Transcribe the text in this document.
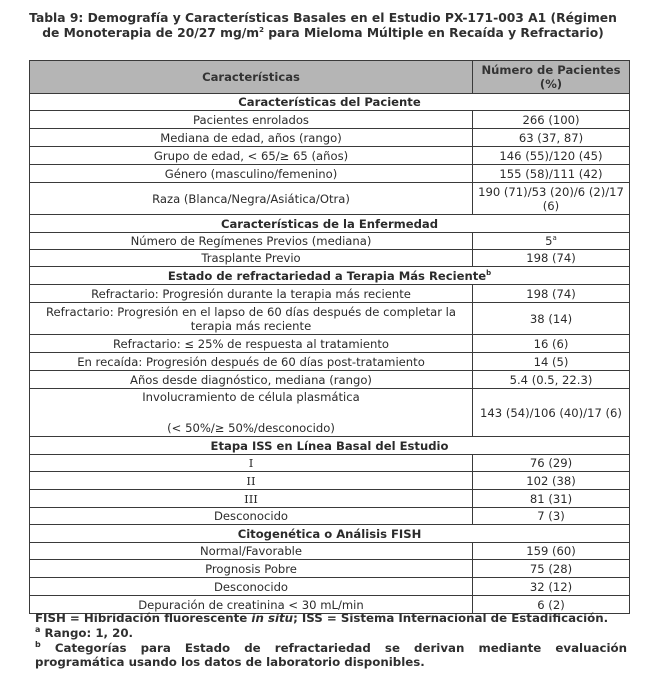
Tabla 9: Demografía y Características Basales en el Estudio PX-171-003 A1 (Régimen
de Monoterapia de 20/27 $mg/m^2$ para Mieloma Múltiple en Recaída y Refractario)
Características	Número de Pacientes (%)
Características del Paciente	
Pacientes enrolados	266 (100)
Mediana de edad, años (rango)	63 (37, 87)
Grupo de edad, < 65/≥ 65 (años)	146 (55)/120 (45)
Género (masculino/femenino)	155 (58)/111 (42)
Raza (Blanca/Negra/Asiática/Otra)	190 (71)/53 (20)/6 (2)/17 (6)
Características de la Enfermedad	
Número de Regímenes Previos (mediana)	5$^a$
Trasplante Previo	198 (74)
Estado de refractariedad a Terapia Más Reciente$^b$
Refractario: Progresión durante la terapia más reciente	198 (74)
Refractario: Progresión en el lapso de 60 días después de completar la terapia más reciente	38 (14)
Refractario: ≤ 25% de respuesta al tratamiento	16 (6)
En recaída: Progresión después de 60 días post-tratamiento	14 (5)
Años desde diagnóstico, mediana (rango)	5.4 (0.5, 22.3)

Involucramiento de célula plasmática
(< 50%/≥ 50%/desconocido)	143 (54)/106 (40)/17 (6)
Etapa ISS en Línea Basal del Estudio	
I	76 (29)
II	102 (38)
III	81 (31)
Desconocido	7 (3)
Citogenética o Análisis FISH	
Normal/Favorable	159 (60)
Prognosis Pobre	75 (28)
Desconocido	32 (12)
Depuración de creatinina < 30 mL/min	6 (2)
FISH = Hibridación fluorescente in situ; ISS = Sistema Internacional de Estadificación.
$^a$ Rango: 1, 20.
$^b$ Categorías para Estado de refractariedad se derivan mediante evaluación
programática usando los datos de laboratorio disponibles.
